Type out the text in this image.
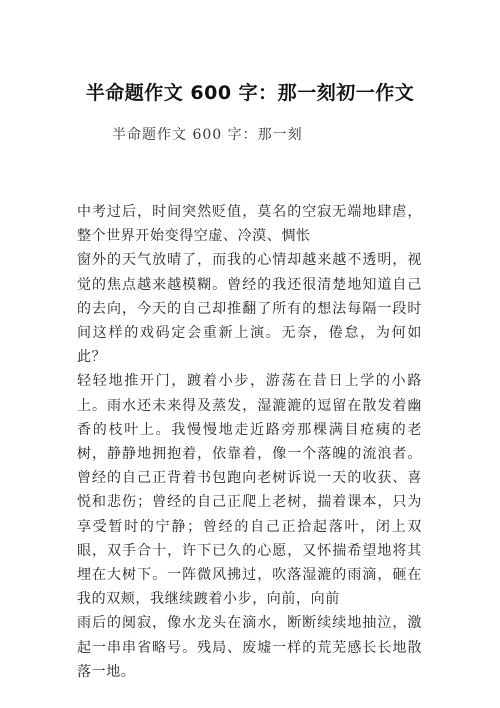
半命题作文 600 字：那一刻初一作文

半命题作文 600 字：那一刻

中考过后，时间突然贬值，莫名的空寂无端地肆虐，整个世界开始变得空虚、冷漠、惆怅

窗外的天气放晴了，而我的心情却越来越不透明，视觉的焦点越来越模糊。曾经的我还很清楚地知道自己的去向，今天的自己却推翻了所有的想法每隔一段时间这样的戏码定会重新上演。无奈，倦怠，为何如此？

轻轻地推开门，踱着小步，游荡在昔日上学的小路上。雨水还未来得及蒸发，湿漉漉的逗留在散发着幽香的枝叶上。我慢慢地走近路旁那棵满目疮痍的老树，静静地拥抱着，依靠着，像一个落魄的流浪者。曾经的自己正背着书包跑向老树诉说一天的收获、喜悦和悲伤；曾经的自己正爬上老树，揣着课本，只为享受暂时的宁静；曾经的自己正拾起落叶，闭上双眼，双手合十，许下已久的心愿，又怀揣希望地将其埋在大树下。一阵微风拂过，吹落湿漉的雨滴，砸在我的双颊，我继续踱着小步，向前，向前

雨后的阒寂，像水龙头在滴水，断断续续地抽泣，激起一串串省略号。残局、废墟一样的荒芜感长长地散落一地。
